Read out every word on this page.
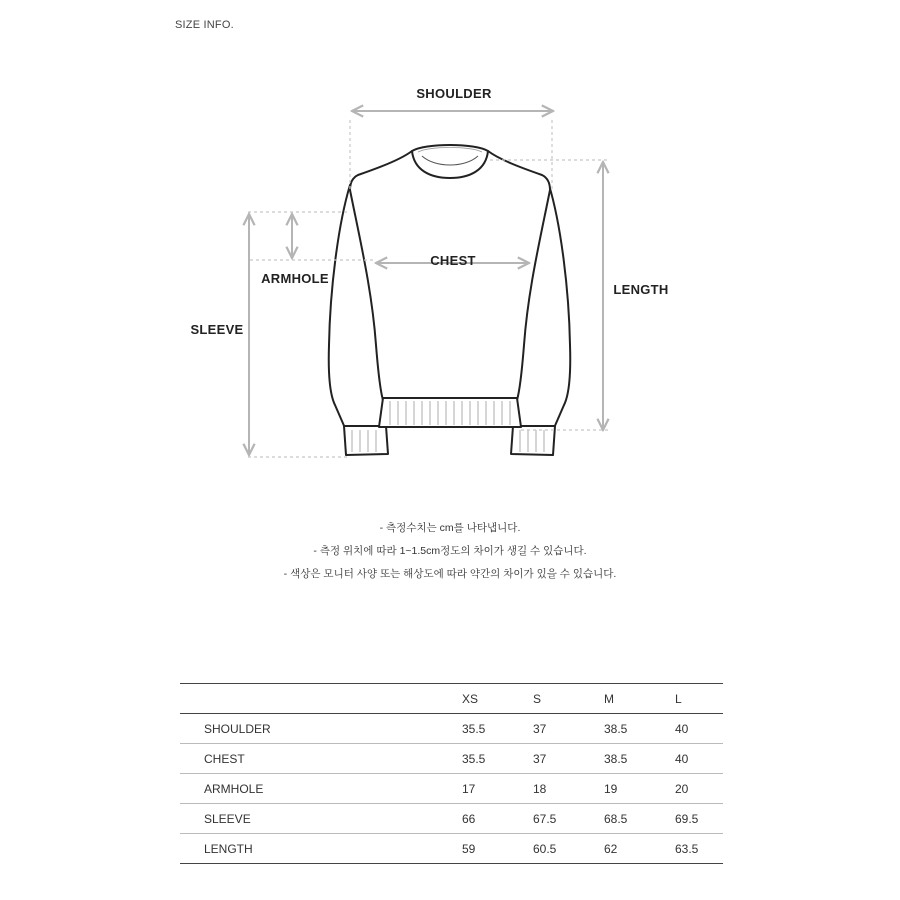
SIZE INFO.
SHOULDER
CHEST
ARMHOLE
SLEEVE
LENGTH
- 측정수치는 cm를 나타냅니다.
- 측정 위치에 따라 1~1.5cm정도의 차이가 생길 수 있습니다.
- 색상은 모니터 사양 또는 해상도에 따라 약간의 차이가 있을 수 있습니다.
	XS	S	M	L
SHOULDER	35.5	37	38.5	40
CHEST	35.5	37	38.5	40
ARMHOLE	17	18	19	20
SLEEVE	66	67.5	68.5	69.5
LENGTH	59	60.5	62	63.5
